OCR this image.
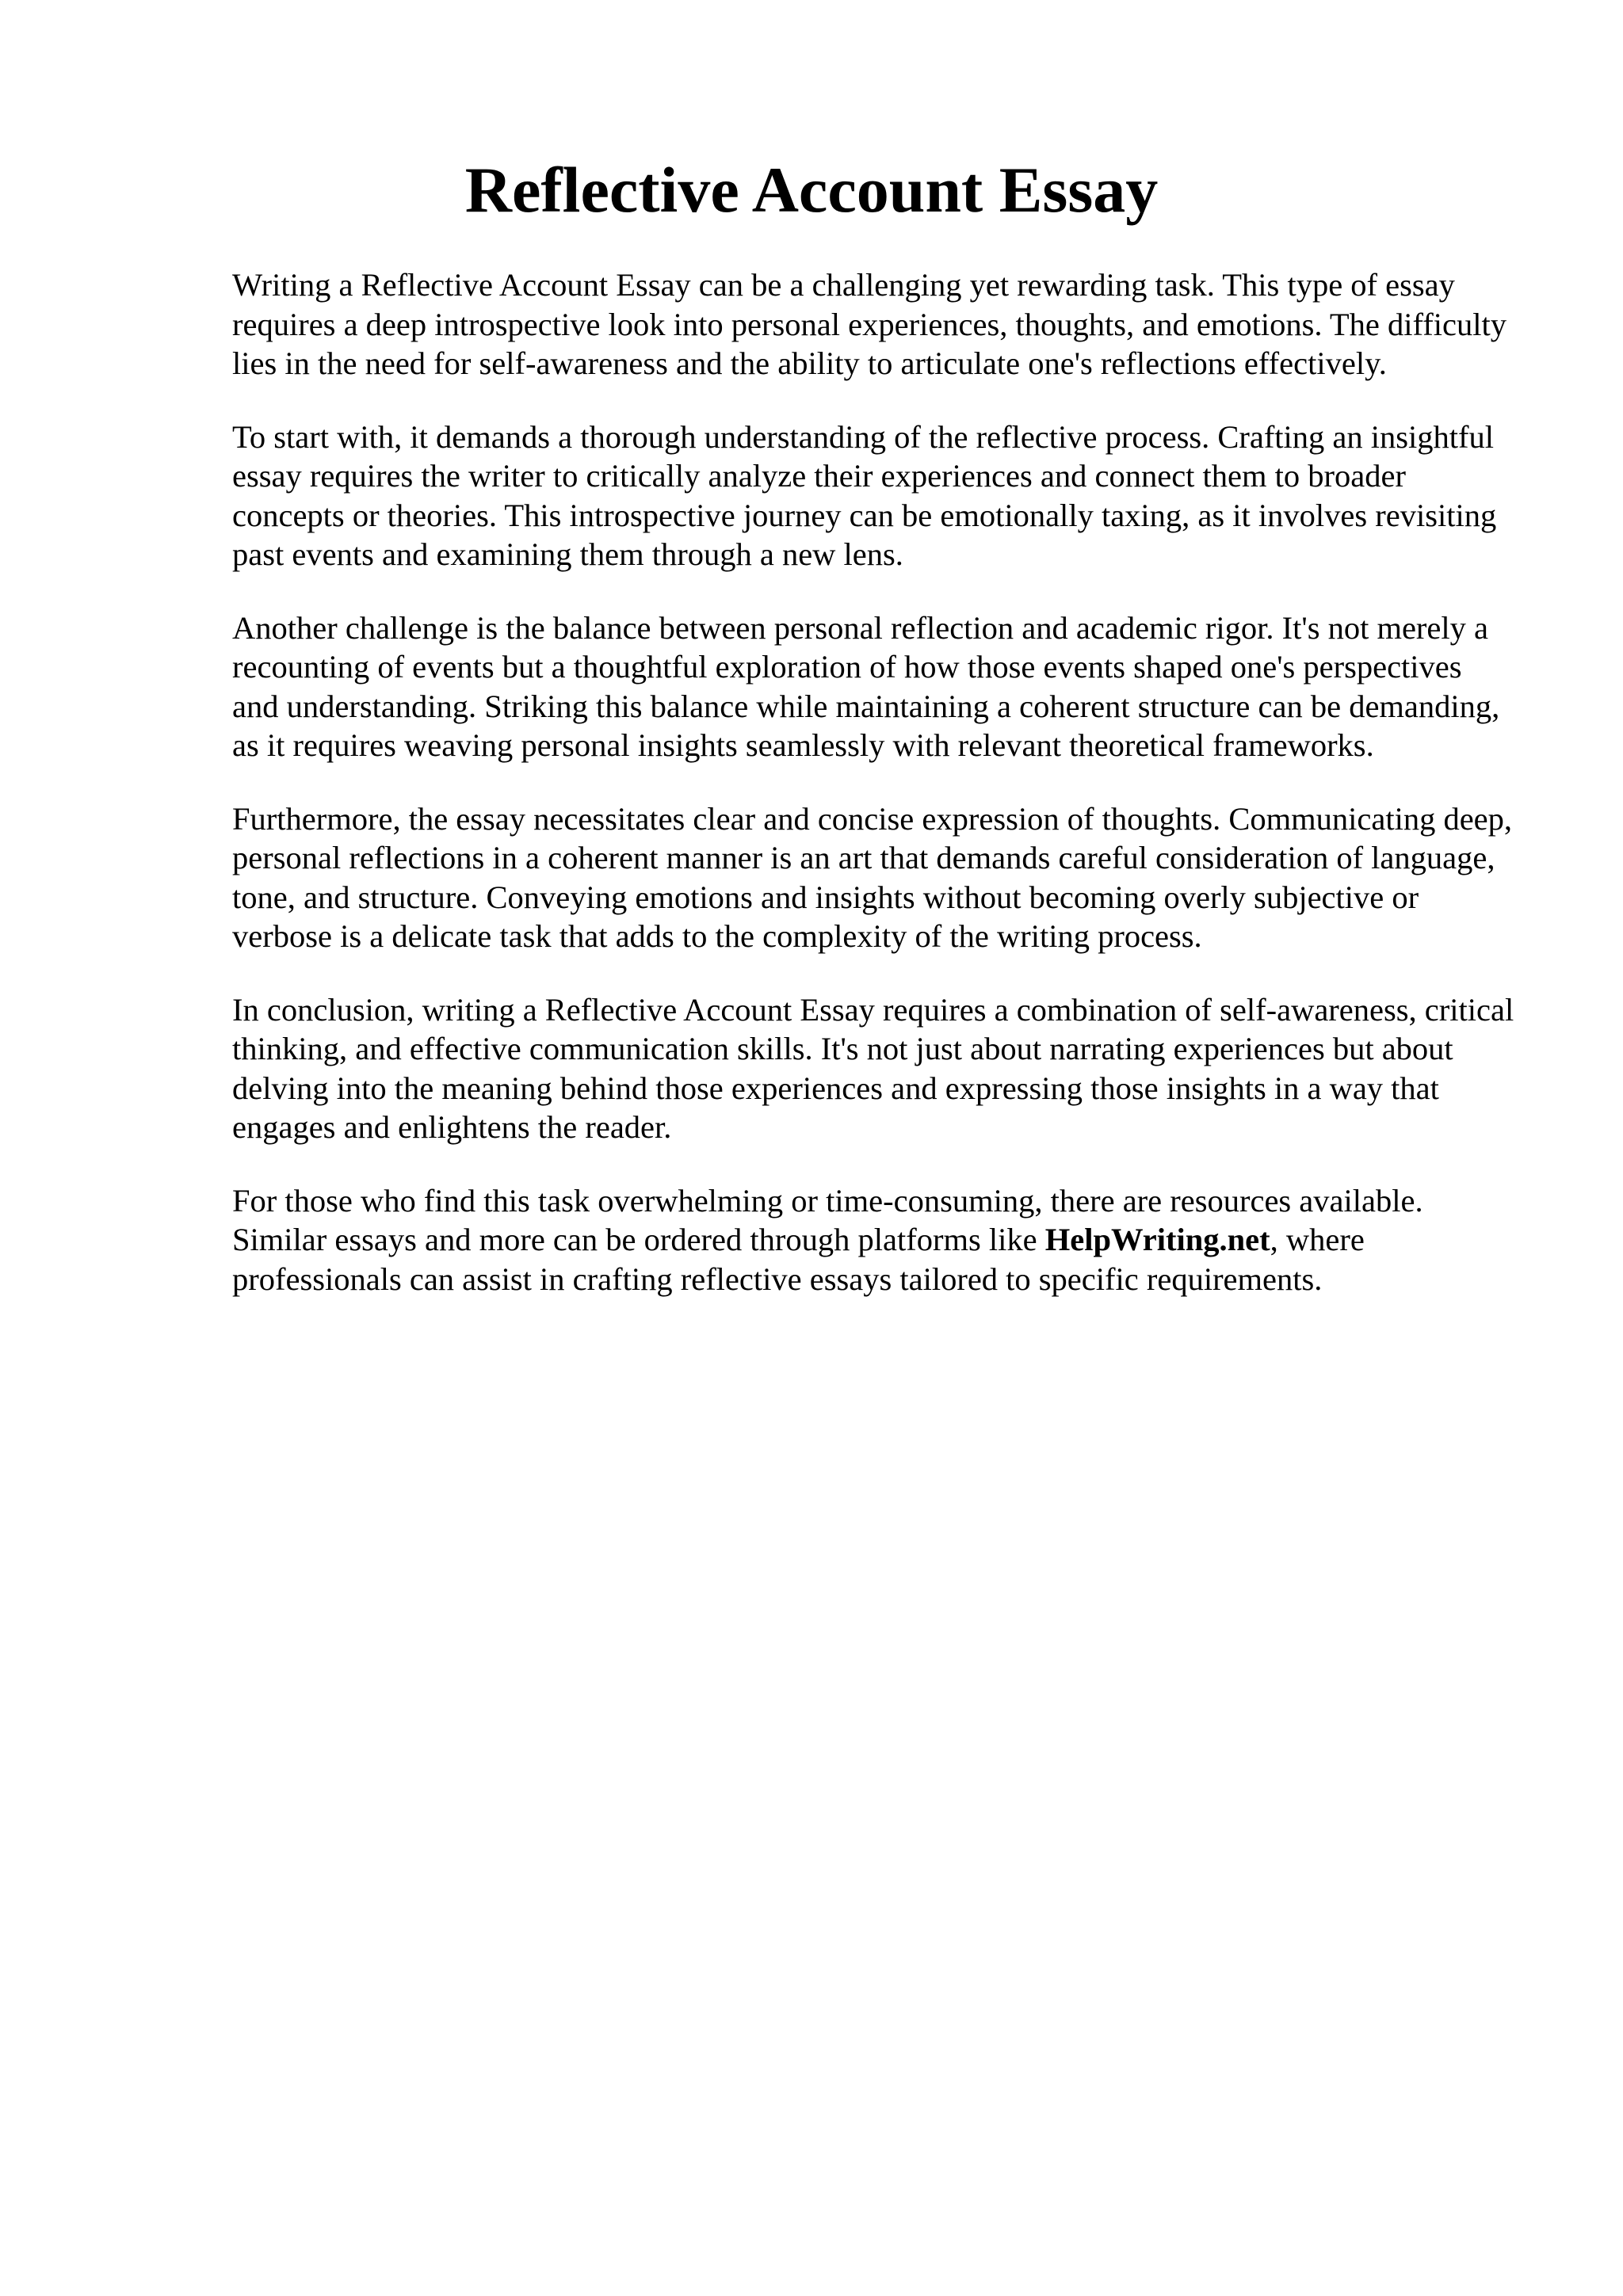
Reflective Account Essay

Writing a Reflective Account Essay can be a challenging yet rewarding task. This type of essay requires a deep introspective look into personal experiences, thoughts, and emotions. The difficulty lies in the need for self-awareness and the ability to articulate one's reflections effectively.

To start with, it demands a thorough understanding of the reflective process. Crafting an insightful essay requires the writer to critically analyze their experiences and connect them to broader concepts or theories. This introspective journey can be emotionally taxing, as it involves revisiting past events and examining them through a new lens.

Another challenge is the balance between personal reflection and academic rigor. It's not merely a recounting of events but a thoughtful exploration of how those events shaped one's perspectives and understanding. Striking this balance while maintaining a coherent structure can be demanding, as it requires weaving personal insights seamlessly with relevant theoretical frameworks.

Furthermore, the essay necessitates clear and concise expression of thoughts. Communicating deep, personal reflections in a coherent manner is an art that demands careful consideration of language, tone, and structure. Conveying emotions and insights without becoming overly subjective or verbose is a delicate task that adds to the complexity of the writing process.

In conclusion, writing a Reflective Account Essay requires a combination of self-awareness, critical thinking, and effective communication skills. It's not just about narrating experiences but about delving into the meaning behind those experiences and expressing those insights in a way that engages and enlightens the reader.

For those who find this task overwhelming or time-consuming, there are resources available. Similar essays and more can be ordered through platforms like HelpWriting.net, where professionals can assist in crafting reflective essays tailored to specific requirements.
